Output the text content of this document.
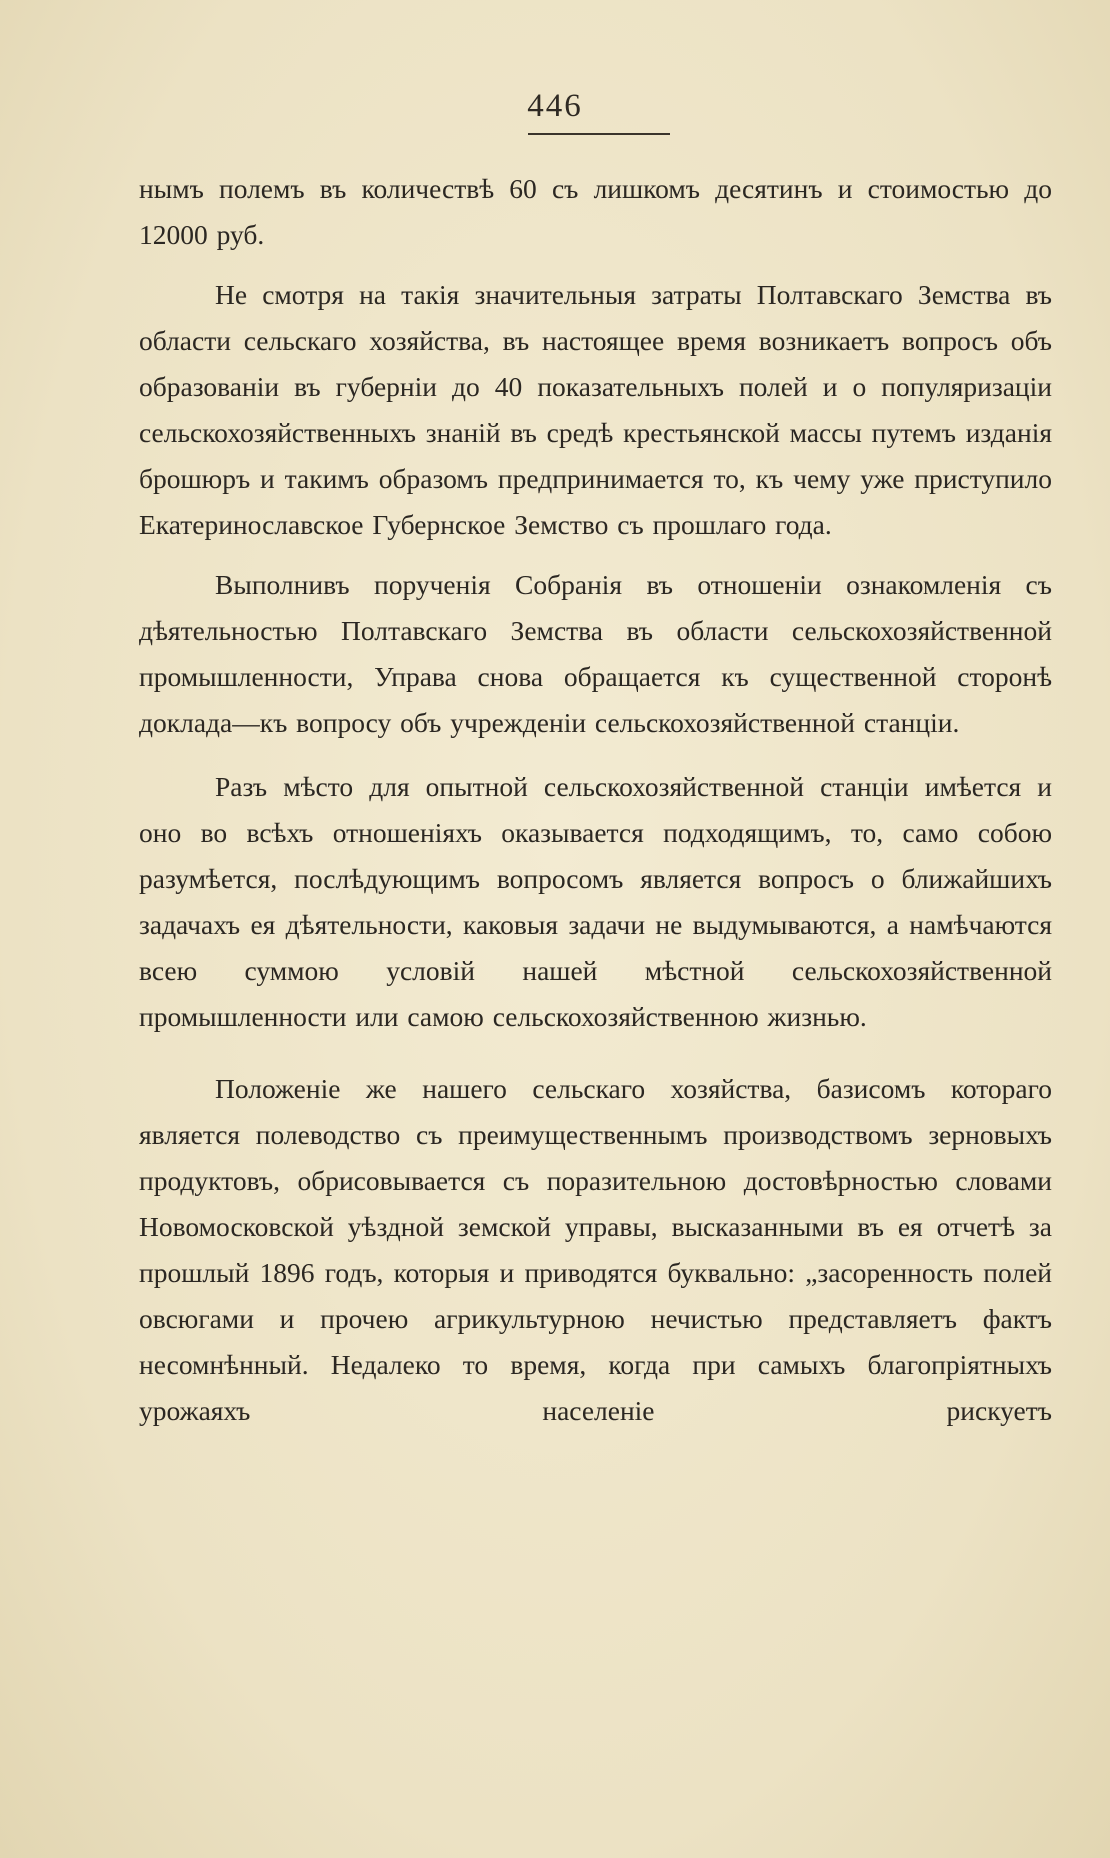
446

нымъ полемъ въ количествѣ 60 съ лишкомъ десятинъ и стоимостью до 12000 руб.

Не смотря на такія значительныя затраты Полтавскаго Земства въ области сельскаго хозяйства, въ настоящее время возникаетъ вопросъ объ образованіи въ губерніи до 40 показательныхъ полей и о популяризаціи сельскохозяйственныхъ знаній въ средѣ крестьянской массы путемъ изданія брошюръ и такимъ образомъ предпринимается то, къ чему уже приступило Екатеринославское Губернское Земство съ прошлаго года.

Выполнивъ порученія Собранія въ отношеніи ознакомленія съ дѣятельностью Полтавскаго Земства въ области сельскохозяйственной промышленности, Управа снова обращается къ существенной сторонѣ доклада—къ вопросу объ учрежденіи сельскохозяйственной станціи.

Разъ мѣсто для опытной сельскохозяйственной станціи имѣется и оно во всѣхъ отношеніяхъ оказывается подходящимъ, то, само собою разумѣется, послѣдующимъ вопросомъ является вопросъ о ближайшихъ задачахъ ея дѣятельности, каковыя задачи не выдумываются, а намѣчаются всею суммою условій нашей мѣстной сельскохозяйственной промышленности или самою сельскохозяйственною жизнью.

Положеніе же нашего сельскаго хозяйства, базисомъ котораго является полеводство съ преимущественнымъ производствомъ зерновыхъ продуктовъ, обрисовывается съ поразительною достовѣрностью словами Новомосковской уѣздной земской управы, высказанными въ ея отчетѣ за прошлый 1896 годъ, которыя и приводятся буквально: „засоренность полей овсюгами и прочею агрикультурною нечистью представляетъ фактъ несомнѣнный. Недалеко то время, когда при самыхъ благопріятныхъ урожаяхъ населеніе рискуетъ
